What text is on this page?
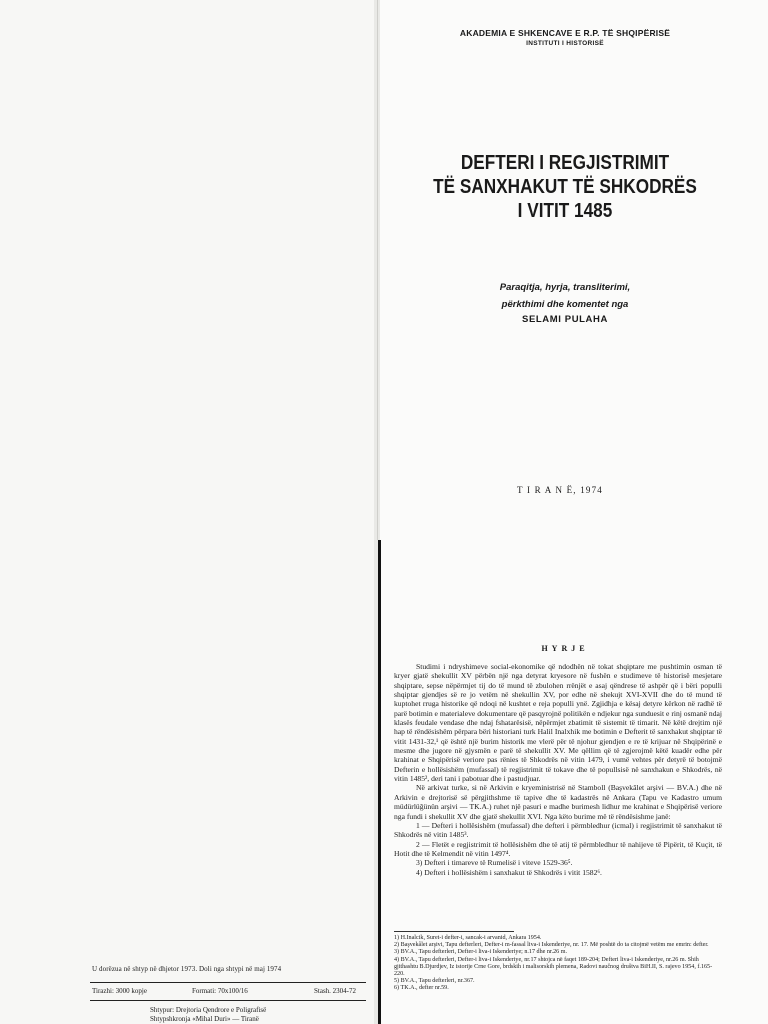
U dorëzua në shtyp në dhjetor 1973. Doli nga shtypi në maj 1974
Tirazhi: 3000 kopje	Formati: 70x100/16	Stash. 2304-72
Shtypur: Drejtoria Qendrore e Poligrafisë
Shtypshkronja «Mihal Duri» — Tiranë
AKADEMIA E SHKENCAVE E R.P. TË SHQIPËRISË
INSTITUTI I HISTORISË
DEFTERI I REGJISTRIMIT
TË SANXHAKUT TË SHKODRËS
I VITIT 1485
Paraqitja, hyrja, transliterimi,
përkthimi dhe komentet nga
SELAMI PULAHA
T I R A N Ë, 1974
HYRJE

Studimi i ndryshimeve social-ekonomike që ndodhën në tokat shqiptare me pushtimin osman të kryer gjatë shekullit XV përbën një nga detyrat kryesore në fushën e studimeve të historisë mesjetare shqiptare, sepse nëpërmjet tij do të mund të zbulohen rrënjët e asaj qëndrese të ashpër që i bëri populli shqiptar gjendjes së re jo vetëm në shekullin XV, por edhe në shekujt XVI-XVII dhe do të mund të kuptohet rruga historike që ndoqi në kushtet e reja populli ynë. Zgjidhja e kësaj detyre kërkon në radhë të parë botimin e materialeve dokumentare që pasqyrojnë politikën e ndjekur nga sunduesit e rinj osmanë ndaj klasës feudale vendase dhe ndaj fshatarësisë, nëpërmjet zbatimit të sistemit të timarit. Në këtë drejtim një hap të rëndësishëm përpara bëri historiani turk Halil Inalxhik me botimin e Defterit të sanxhakut shqiptar të vitit 1431-32,¹ që është një burim historik me vlerë për të njohur gjendjen e re të krijuar në Shqipërinë e mesme dhe jugore në gjysmën e parë të shekullit XV. Me qëllim që të zgjerojmë këtë kuadër edhe për krahinat e Shqipërisë veriore pas rënies të Shkodrës në vitin 1479, i vumë vehtes për detyrë të botojmë Defterin e hollësishëm (mufassal) të regjistrimit të tokave dhe të popullsisë në sanxhakun e Shkodrës, në vitin 1485², deri tani i pabotuar dhe i pastudjuar.

Në arkivat turke, si në Arkivin e kryeministrisë në Stamboll (Başvekâlet arşivi — BV.A.) dhe në Arkivin e drejtorisë së përgjithshme të tapive dhe të kadastrës në Ankara (Tapu ve Kadastro umum müdürlüğünün arşivi — TK.A.) ruhet një pasuri e madhe burimesh lidhur me krahinat e Shqipërisë veriore nga fundi i shekullit XV dhe gjatë shekullit XVI. Nga këto burime më të rëndësishme janë:

1 — Defteri i hollësishëm (mufassal) dhe defteri i përmbledhur (icmal) i regjistrimit të sanxhakut të Shkodrës në vitin 1485³.

2 — Fletët e regjistrimit të hollësishëm dhe të atij të përmbledhur të nahijeve të Pipërit, të Kuçit, të Hotit dhe të Kelmendit në vitin 1497⁴.

3) Defteri i timareve të Rumelisë i viteve 1529-36⁵.

4) Defteri i hollësishëm i sanxhakut të Shkodrës i vitit 1582⁶.

1) H.Inalcik, Suret-i defter-i, sancak-i arvanid, Ankara 1954.
2) Başvekâlet arşivi, Tapu defterleri, Defter-i m-fassal liva-i Iskenderiye, nr. 17. Më poshtë do ta citojmë vetëm me emrin: defter.
3) BV.A., Tapu defterleri, Defter-i liva-i Iskenderiye; n.17 dhe nr.26 m.
4) BV.A., Tapu defterleri, Defter-i liva-i Iskenderiye, nr.17 shtojca në faqet 189-204; Defteri liva-i Iskenderiye, nr.26 m. Shih gjithashtu B.Djurdjev, Iz istorije Crne Gore, brdskih i malisorskih plemena, Radovi naučnog društva BiH.II, S. rajevo 1954, f.165-220.
5) BV.A., Tapu defterleri, nr.367.
6) TK.A., defter nr.59.
